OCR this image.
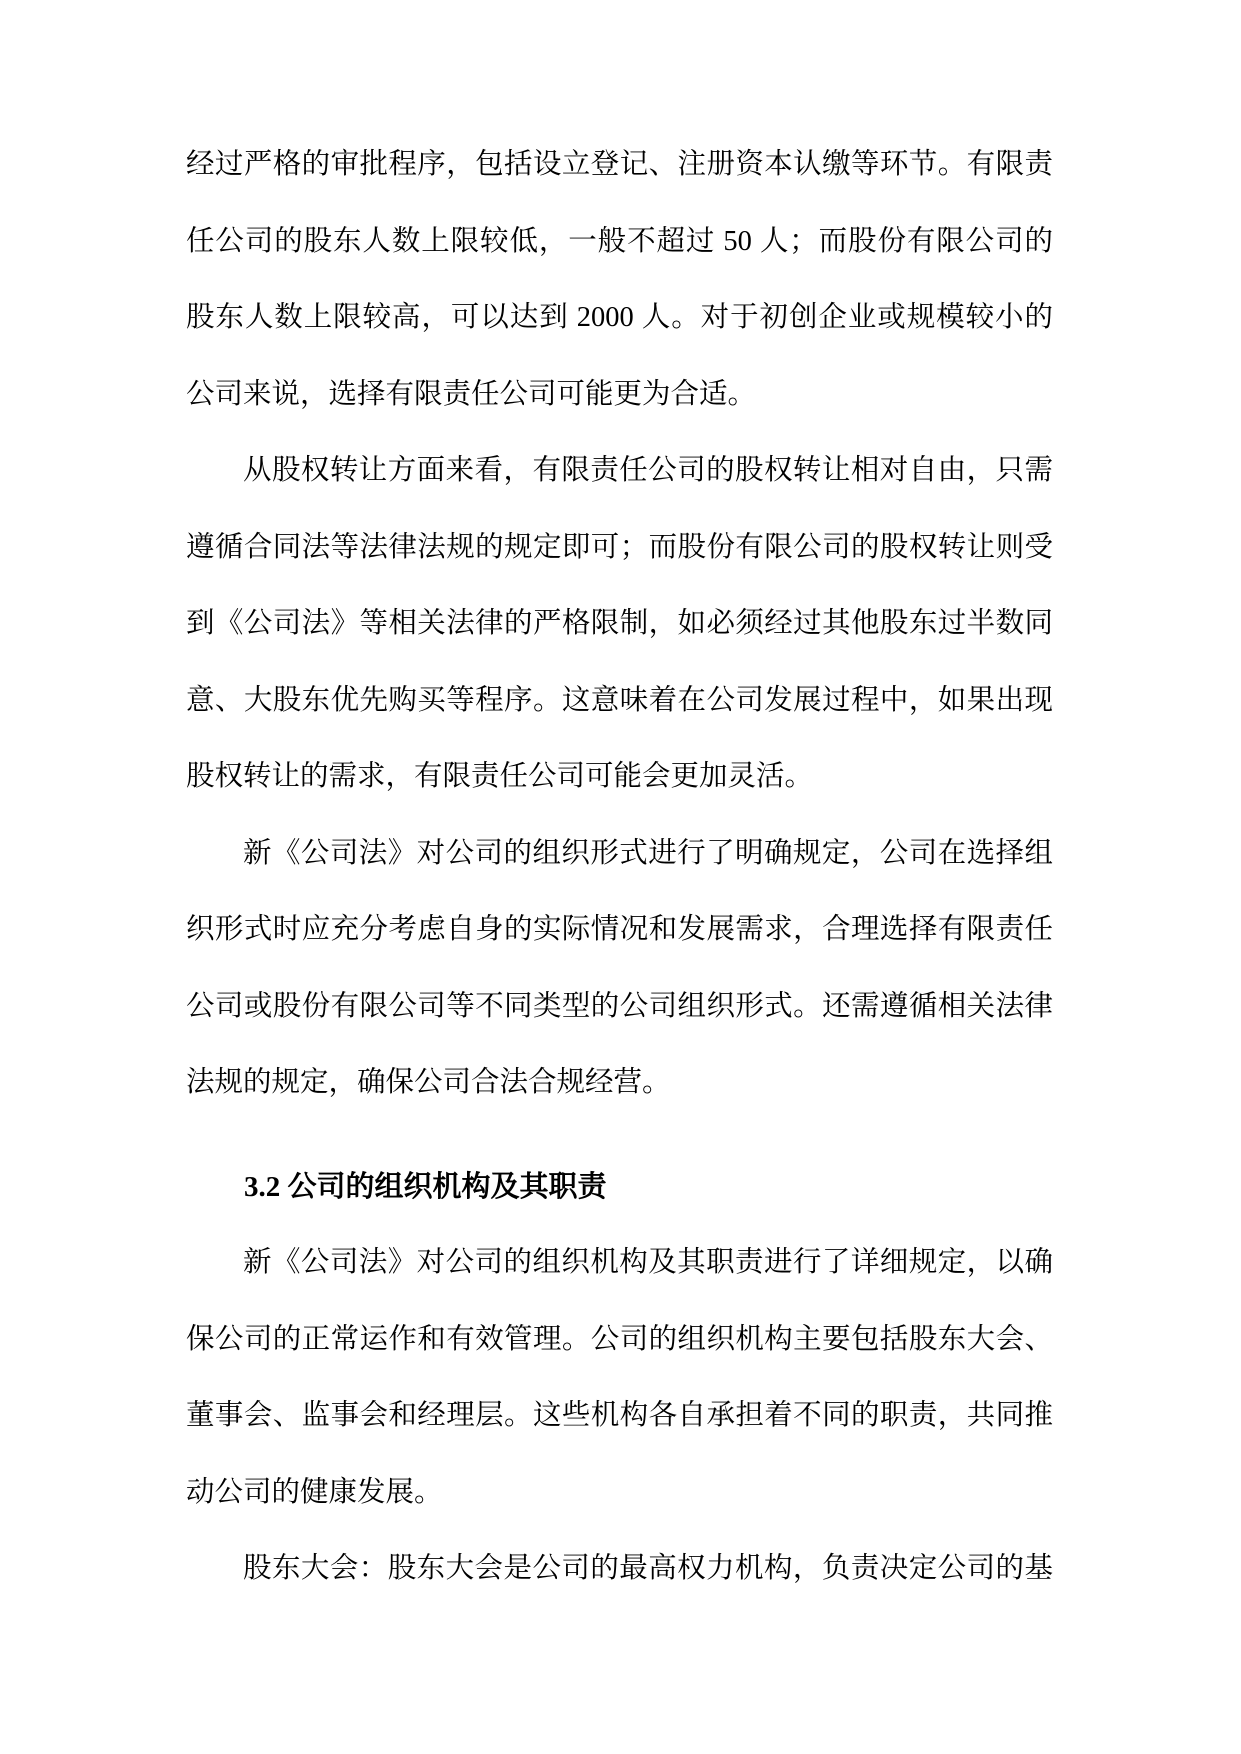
经过严格的审批程序，包括设立登记、注册资本认缴等环节。有限责
任公司的股东人数上限较低，一般不超过 50 人；而股份有限公司的
股东人数上限较高，可以达到 2000 人。对于初创企业或规模较小的
公司来说，选择有限责任公司可能更为合适。
从股权转让方面来看，有限责任公司的股权转让相对自由，只需
遵循合同法等法律法规的规定即可；而股份有限公司的股权转让则受
到《公司法》等相关法律的严格限制，如必须经过其他股东过半数同
意、大股东优先购买等程序。这意味着在公司发展过程中，如果出现
股权转让的需求，有限责任公司可能会更加灵活。
新《公司法》对公司的组织形式进行了明确规定，公司在选择组
织形式时应充分考虑自身的实际情况和发展需求，合理选择有限责任
公司或股份有限公司等不同类型的公司组织形式。还需遵循相关法律
法规的规定，确保公司合法合规经营。
3.2 公司的组织机构及其职责
新《公司法》对公司的组织机构及其职责进行了详细规定，以确
保公司的正常运作和有效管理。公司的组织机构主要包括股东大会、
董事会、监事会和经理层。这些机构各自承担着不同的职责，共同推
动公司的健康发展。
股东大会：股东大会是公司的最高权力机构，负责决定公司的基
